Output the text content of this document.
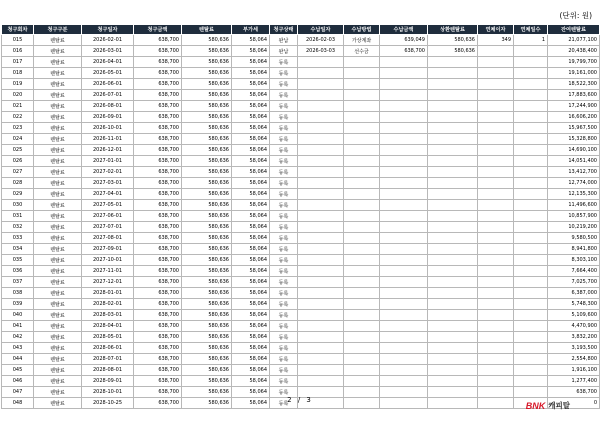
(단위: 원)
청구회차	청구구분	청구일자	청구금액	렌탈료	부가세	청구상태	수납일자	수납방법	수납금액	상환렌탈료	연체이자	연체일수	잔여렌탈료
015	렌탈료	2026-02-01	638,700	580,636	58,064	완납	2026-02-03	가상계좌	639,049	580,636	349	1	21,077,100
016	렌탈료	2026-03-01	638,700	580,636	58,064	완납	2026-03-03	선수금	638,700	580,636			20,438,400
017	렌탈료	2026-04-01	638,700	580,636	58,064	등록							19,799,700
018	렌탈료	2026-05-01	638,700	580,636	58,064	등록							19,161,000
019	렌탈료	2026-06-01	638,700	580,636	58,064	등록							18,522,300
020	렌탈료	2026-07-01	638,700	580,636	58,064	등록							17,883,600
021	렌탈료	2026-08-01	638,700	580,636	58,064	등록							17,244,900
022	렌탈료	2026-09-01	638,700	580,636	58,064	등록							16,606,200
023	렌탈료	2026-10-01	638,700	580,636	58,064	등록							15,967,500
024	렌탈료	2026-11-01	638,700	580,636	58,064	등록							15,328,800
025	렌탈료	2026-12-01	638,700	580,636	58,064	등록							14,690,100
026	렌탈료	2027-01-01	638,700	580,636	58,064	등록							14,051,400
027	렌탈료	2027-02-01	638,700	580,636	58,064	등록							13,412,700
028	렌탈료	2027-03-01	638,700	580,636	58,064	등록							12,774,000
029	렌탈료	2027-04-01	638,700	580,636	58,064	등록							12,135,300
030	렌탈료	2027-05-01	638,700	580,636	58,064	등록							11,496,600
031	렌탈료	2027-06-01	638,700	580,636	58,064	등록							10,857,900
032	렌탈료	2027-07-01	638,700	580,636	58,064	등록							10,219,200
033	렌탈료	2027-08-01	638,700	580,636	58,064	등록							9,580,500
034	렌탈료	2027-09-01	638,700	580,636	58,064	등록							8,941,800
035	렌탈료	2027-10-01	638,700	580,636	58,064	등록							8,303,100
036	렌탈료	2027-11-01	638,700	580,636	58,064	등록							7,664,400
037	렌탈료	2027-12-01	638,700	580,636	58,064	등록							7,025,700
038	렌탈료	2028-01-01	638,700	580,636	58,064	등록							6,387,000
039	렌탈료	2028-02-01	638,700	580,636	58,064	등록							5,748,300
040	렌탈료	2028-03-01	638,700	580,636	58,064	등록							5,109,600
041	렌탈료	2028-04-01	638,700	580,636	58,064	등록							4,470,900
042	렌탈료	2028-05-01	638,700	580,636	58,064	등록							3,832,200
043	렌탈료	2028-06-01	638,700	580,636	58,064	등록							3,193,500
044	렌탈료	2028-07-01	638,700	580,636	58,064	등록							2,554,800
045	렌탈료	2028-08-01	638,700	580,636	58,064	등록							1,916,100
046	렌탈료	2028-09-01	638,700	580,636	58,064	등록							1,277,400
047	렌탈료	2028-10-01	638,700	580,636	58,064	등록							638,700
048	렌탈료	2028-10-25	638,700	580,636	58,064	등록							0
2 / 3
BNK 캐피탈
